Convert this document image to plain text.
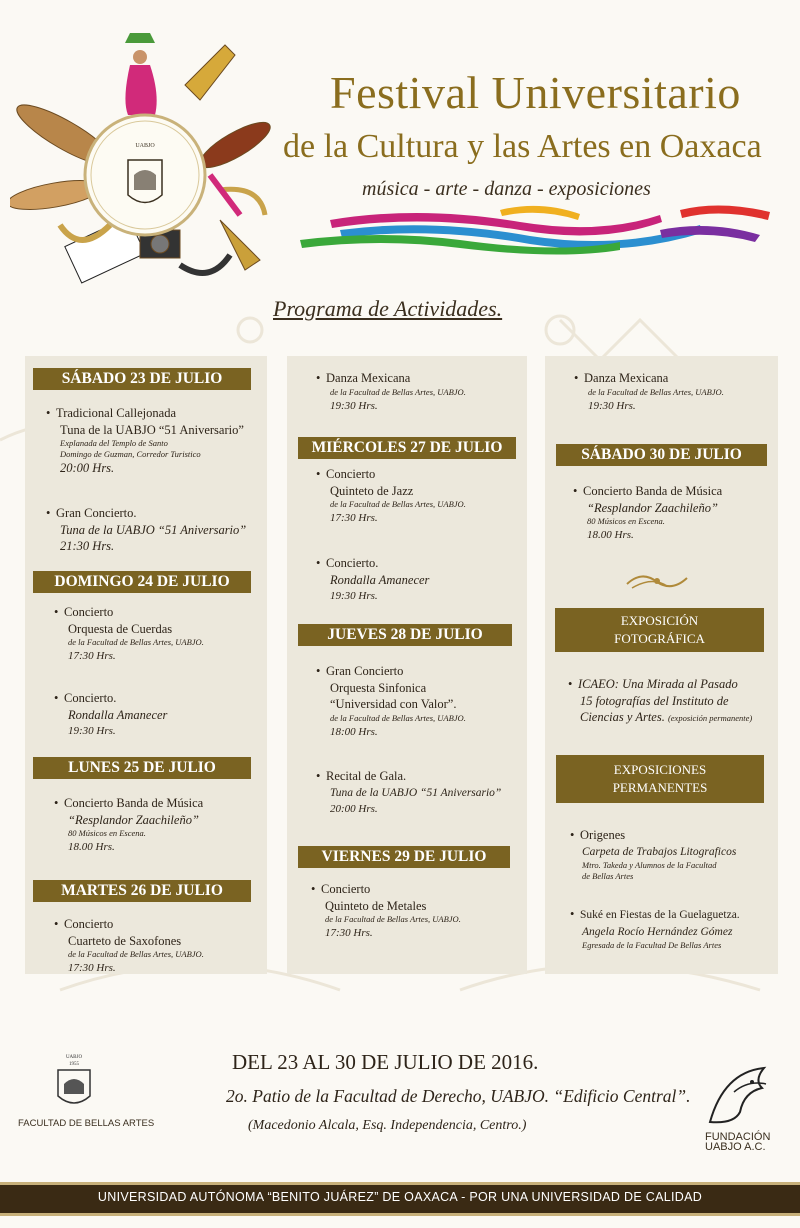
UABJO
Festival Universitario
de la Cultura y las Artes en Oaxaca
música - arte - danza - exposiciones
Programa de Actividades.
SÁBADO 23 DE JULIO
• Tradicional Callejonada
Tuna de la UABJO “51 Aniversario”
Explanada del Templo de Santo
Domingo de Guzman, Corredor Turistico
20:00 Hrs.
• Gran Concierto.
Tuna de la UABJO “51 Aniversario”
21:30 Hrs.
DOMINGO 24 DE JULIO
• Concierto
Orquesta de Cuerdas
de la Facultad de Bellas Artes, UABJO.
17:30 Hrs.
• Concierto.
Rondalla Amanecer
19:30 Hrs.
LUNES 25 DE JULIO
• Concierto Banda de Música
“Resplandor Zaachileño”
80 Músicos en Escena.
18.00 Hrs.
MARTES 26 DE JULIO
• Concierto
Cuarteto de Saxofones
de la Facultad de Bellas Artes, UABJO.
17:30 Hrs.
• Danza Mexicana
de la Facultad de Bellas Artes, UABJO.
19:30 Hrs.
MIÉRCOLES 27 DE JULIO
• Concierto
Quinteto de Jazz
de la Facultad de Bellas Artes, UABJO.
17:30 Hrs.
• Concierto.
Rondalla Amanecer
19:30 Hrs.
JUEVES 28 DE JULIO
• Gran Concierto
Orquesta Sinfonica
“Universidad con Valor”.
de la Facultad de Bellas Artes, UABJO.
18:00 Hrs.
• Recital de Gala.
Tuna de la UABJO “51 Aniversario”
20:00 Hrs.
VIERNES 29 DE JULIO
• Concierto
Quinteto de Metales
de la Facultad de Bellas Artes, UABJO.
17:30 Hrs.
• Danza Mexicana
de la Facultad de Bellas Artes, UABJO.
19:30 Hrs.
SÁBADO 30 DE JULIO
• Concierto Banda de Música
“Resplandor Zaachileño”
80 Músicos en Escena.
18.00 Hrs.
EXPOSICIÓN
FOTOGRÁFICA
• ICAEO: Una Mirada al Pasado
15 fotografías del Instituto de
Ciencias y Artes. (exposición permanente)
EXPOSICIONES
PERMANENTES
• Origenes
Carpeta de Trabajos Litograficos
Mtro. Takeda y Alumnos de la Facultad
de Bellas Artes
• Suké en Fiestas de la Guelaguetza.
Angela Rocío Hernández Gómez
Egresada de la Facultad De Bellas Artes
UABJO
1955
FACULTAD DE BELLAS ARTES
DEL 23 AL 30 DE JULIO DE 2016.
2o. Patio de la Facultad de Derecho, UABJO. “Edificio Central”.
(Macedonio Alcala, Esq. Independencia, Centro.)
FUNDACIÓN
UABJO A.C.
UNIVERSIDAD AUTÓNOMA “BENITO JUÁREZ” DE OAXACA - POR UNA UNIVERSIDAD DE CALIDAD
